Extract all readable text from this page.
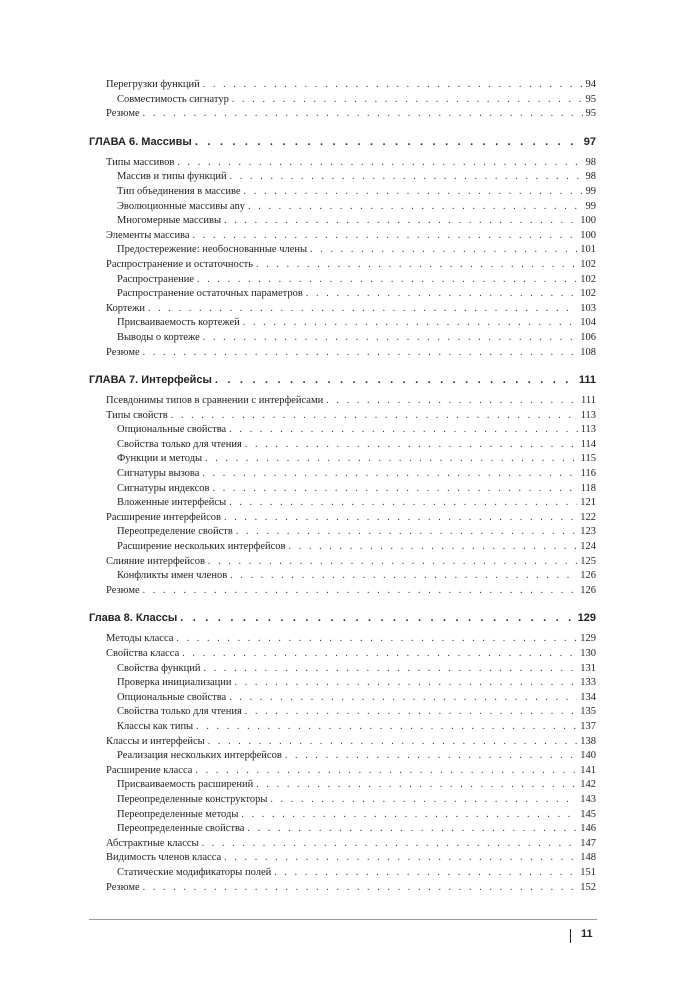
Перегрузки функций . . .	94
Совместимость сигнатур . . .	95
Резюме . . .	95
ГЛАВА 6. Массивы . . .	97
Типы массивов . . .	98
Массив и типы функций . . .	98
Тип объединения в массиве . . .	99
Эволюционные массивы any . . .	99
Многомерные массивы . . .	100
Элементы массива . . .	100
Предостережение: необоснованные члены . . .	101
Распространение и остаточность . . .	102
Распространение . . .	102
Распространение остаточных параметров . . .	102
Кортежи . . .	103
Присваиваемость кортежей . . .	104
Выводы о кортеже . . .	106
Резюме . . .	108
ГЛАВА 7. Интерфейсы . . .	111
Псевдонимы типов в сравнении с интерфейсами . . .	111
Типы свойств . . .	113
Опциональные свойства . . .	113
Свойства только для чтения . . .	114
Функции и методы . . .	115
Сигнатуры вызова . . .	116
Сигнатуры индексов . . .	118
Вложенные интерфейсы . . .	121
Расширение интерфейсов . . .	122
Переопределение свойств . . .	123
Расширение нескольких интерфейсов . . .	124
Слияние интерфейсов . . .	125
Конфликты имен членов . . .	126
Резюме . . .	126
Глава 8. Классы . . .	129
Методы класса . . .	129
Свойства класса . . .	130
Свойства функций . . .	131
Проверка инициализации . . .	133
Опциональные свойства . . .	134
Свойства только для чтения . . .	135
Классы как типы . . .	137
Классы и интерфейсы . . .	138
Реализация нескольких интерфейсов . . .	140
Расширение класса . . .	141
Присваиваемость расширений . . .	142
Переопределенные конструкторы . . .	143
Переопределенные методы . . .	145
Переопределенные свойства . . .	146
Абстрактные классы . . .	147
Видимость членов класса . . .	148
Статические модификаторы полей . . .	151
Резюме . . .	152
11
